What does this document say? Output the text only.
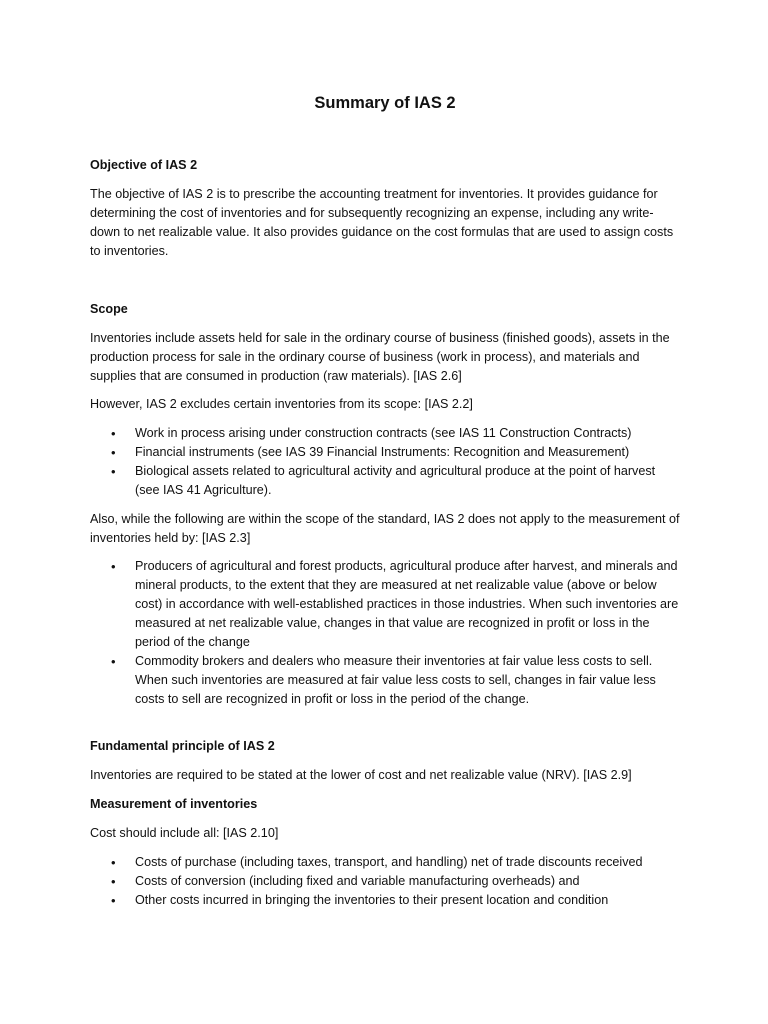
Summary of IAS 2

Objective of IAS 2

The objective of IAS 2 is to prescribe the accounting treatment for inventories. It provides guidance for determining the cost of inventories and for subsequently recognizing an expense, including any write-down to net realizable value. It also provides guidance on the cost formulas that are used to assign costs to inventories.

Scope

Inventories include assets held for sale in the ordinary course of business (finished goods), assets in the production process for sale in the ordinary course of business (work in process), and materials and supplies that are consumed in production (raw materials). [IAS 2.6]

However, IAS 2 excludes certain inventories from its scope: [IAS 2.2]

• Work in process arising under construction contracts (see IAS 11 Construction Contracts)
• Financial instruments (see IAS 39 Financial Instruments: Recognition and Measurement)
• Biological assets related to agricultural activity and agricultural produce at the point of harvest (see IAS 41 Agriculture).

Also, while the following are within the scope of the standard, IAS 2 does not apply to the measurement of inventories held by: [IAS 2.3]

• Producers of agricultural and forest products, agricultural produce after harvest, and minerals and mineral products, to the extent that they are measured at net realizable value (above or below cost) in accordance with well-established practices in those industries. When such inventories are measured at net realizable value, changes in that value are recognized in profit or loss in the period of the change
• Commodity brokers and dealers who measure their inventories at fair value less costs to sell. When such inventories are measured at fair value less costs to sell, changes in fair value less costs to sell are recognized in profit or loss in the period of the change.

Fundamental principle of IAS 2

Inventories are required to be stated at the lower of cost and net realizable value (NRV). [IAS 2.9]

Measurement of inventories

Cost should include all: [IAS 2.10]

• Costs of purchase (including taxes, transport, and handling) net of trade discounts received
• Costs of conversion (including fixed and variable manufacturing overheads) and
• Other costs incurred in bringing the inventories to their present location and condition
